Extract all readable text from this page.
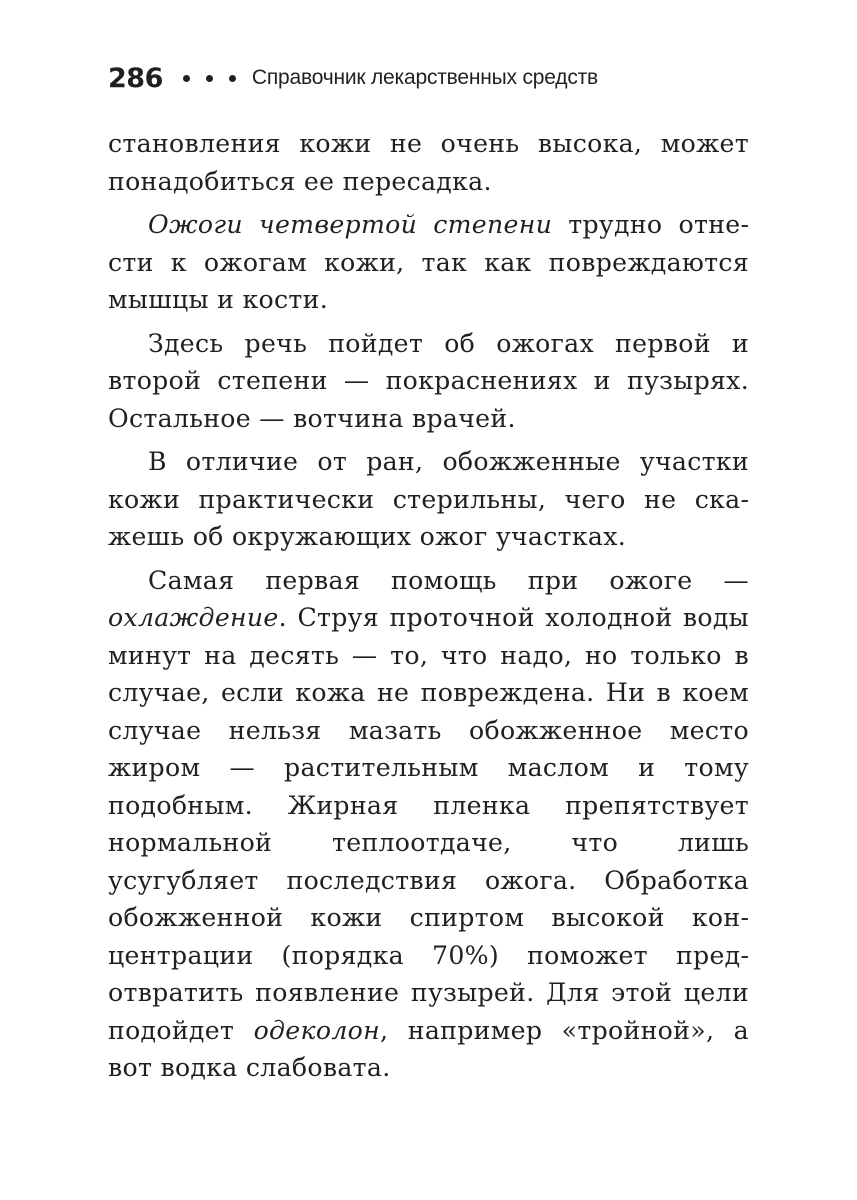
286	Справочник лекарственных средств

становления кожи не очень высока, может понадобиться ее пересадка.

Ожоги четвертой степени трудно отнести к ожогам кожи, так как повреждаются мышцы и кости.

Здесь речь пойдет об ожогах первой и второй степени — покраснениях и пузырях. Остальное — вотчина врачей.

В отличие от ран, обожженные участки кожи практически стерильны, чего не скажешь об окружающих ожог участках.

Самая первая помощь при ожоге — охлаждение. Струя проточной холодной воды минут на десять — то, что надо, но только в случае, если кожа не повреждена. Ни в коем случае нельзя мазать обожженное место жиром — растительным маслом и тому подобным. Жирная пленка препятствует нормальной теплоотдаче, что лишь усугубляет последствия ожога. Обработка обожженной кожи спиртом высокой концентрации (порядка 70%) поможет предотвратить появление пузырей. Для этой цели подойдет одеколон, например «тройной», а вот водка слабовата.
